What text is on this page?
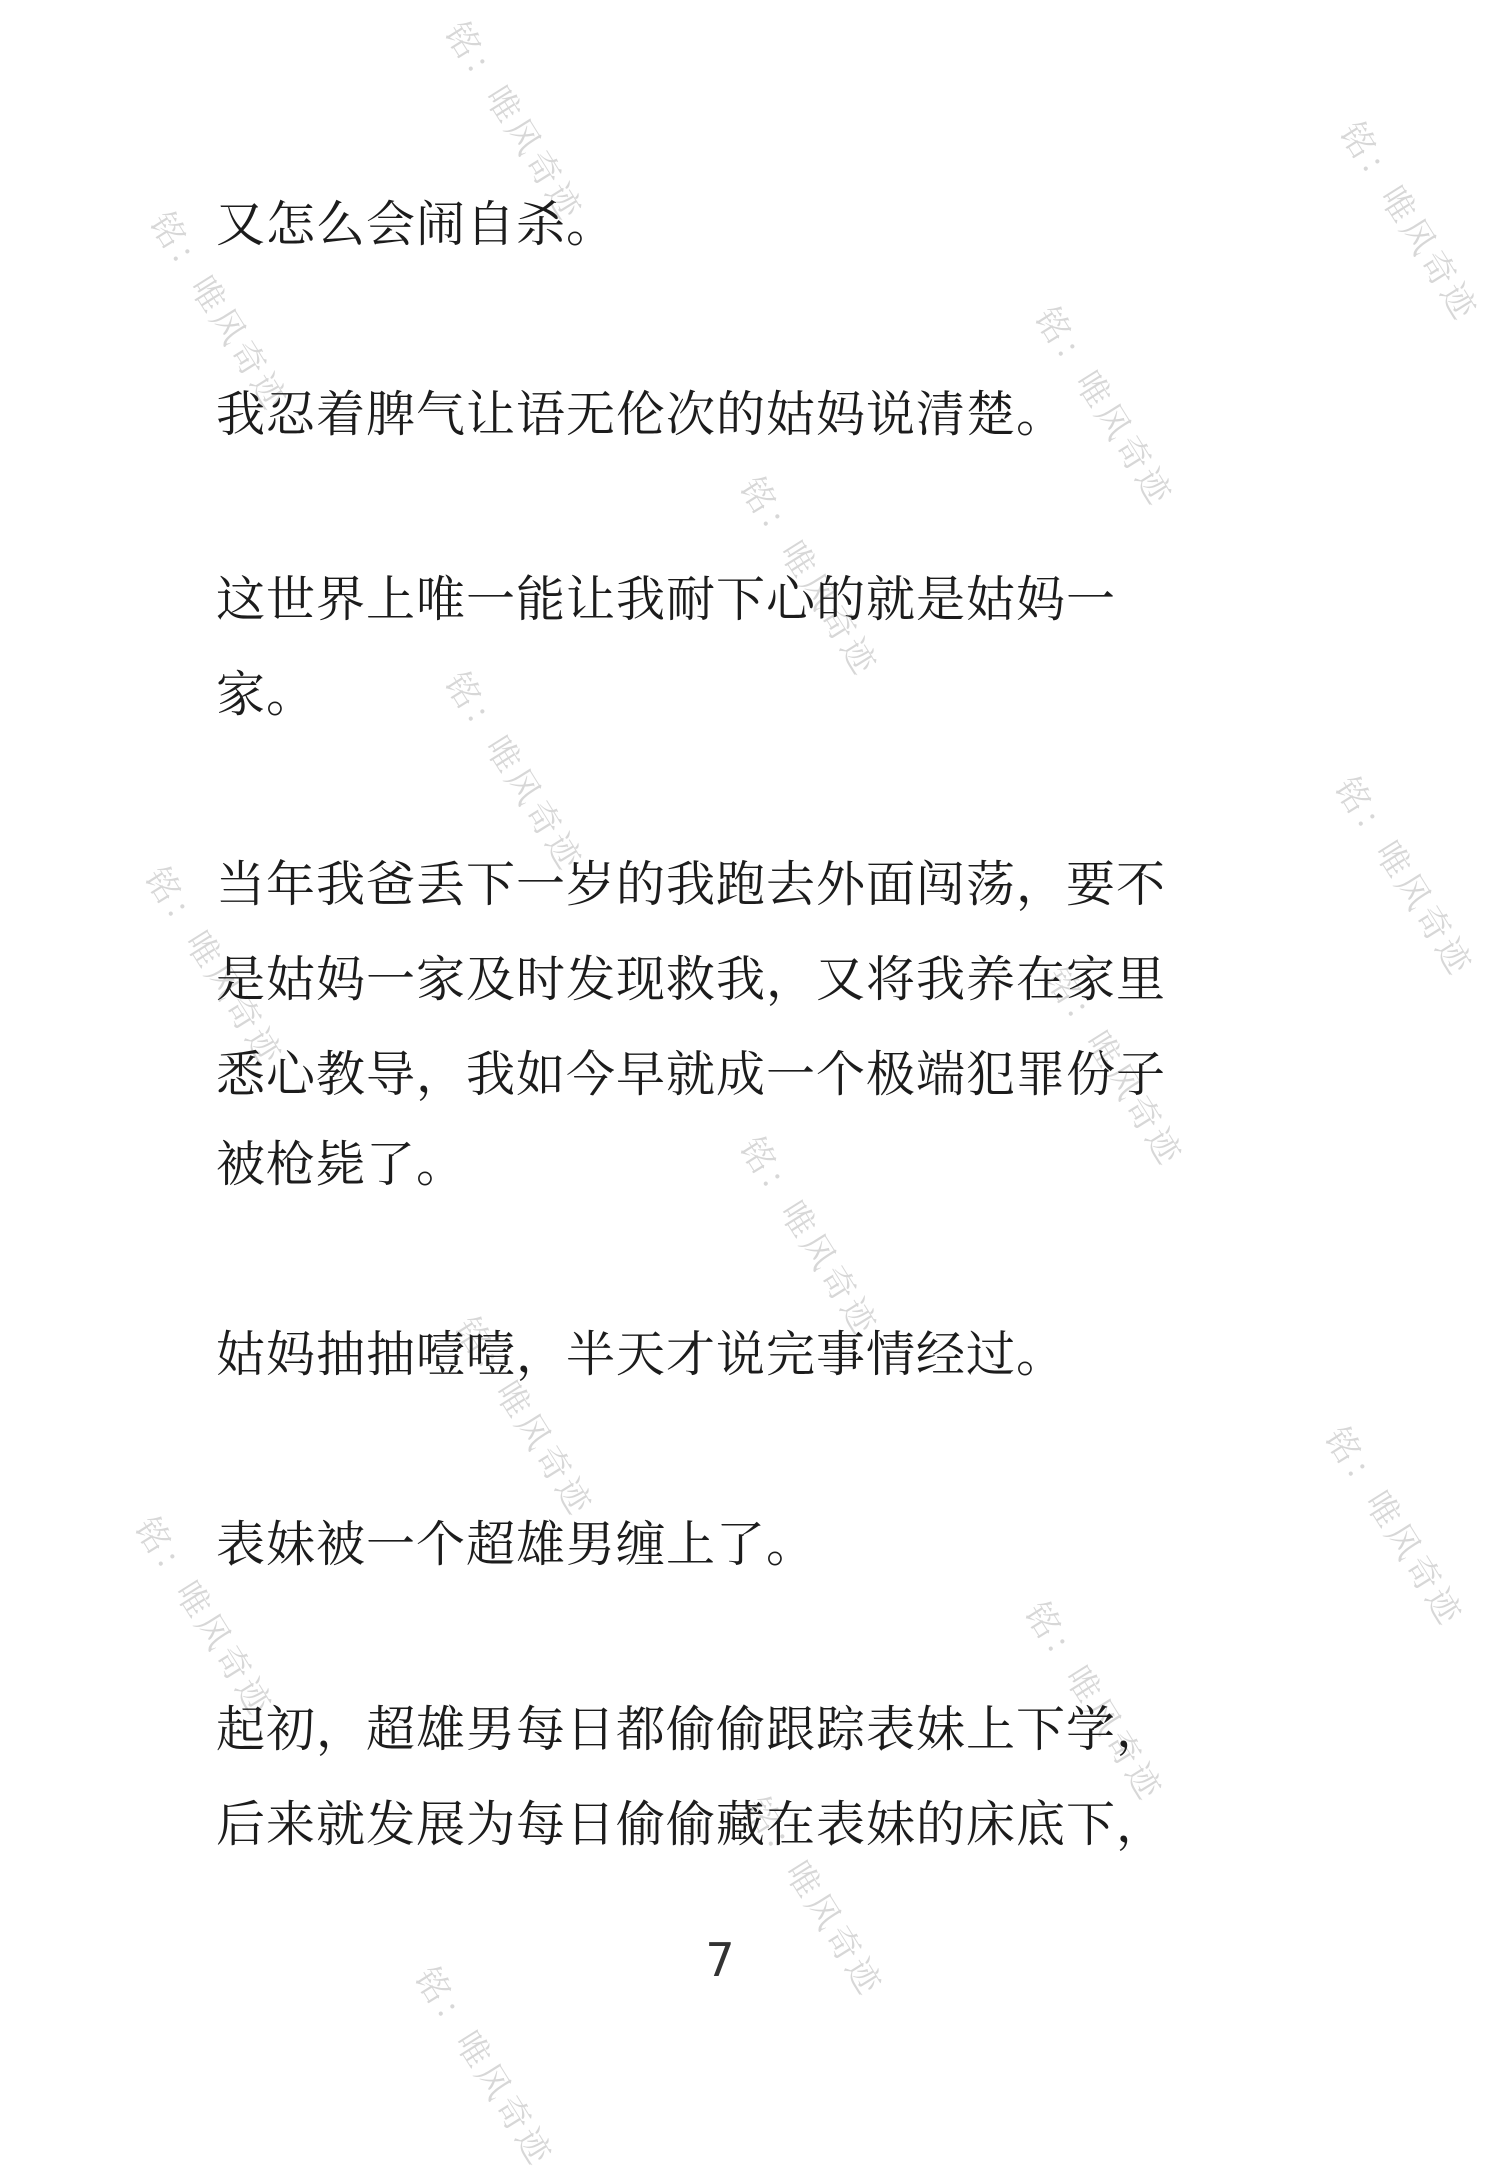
铭：唯风奇迹	铭：唯风奇迹
铭：唯风奇迹	铭：唯风奇迹
铭：唯风奇迹
铭：唯风奇迹	铭：唯风奇迹
铭：唯风奇迹	铭：唯风奇迹
铭：唯风奇迹
铭：唯风奇迹
铭：唯风奇迹
铭：唯风奇迹	铭：唯风奇迹
铭：唯风奇迹
铭：唯风奇迹
又怎么会闹自杀。
我忍着脾气让语无伦次的姑妈说清楚。
这世界上唯一能让我耐下心的就是姑妈一
家。
当年我爸丢下一岁的我跑去外面闯荡，要不
是姑妈一家及时发现救我，又将我养在家里
悉心教导，我如今早就成一个极端犯罪份子
被枪毙了。
姑妈抽抽噎噎，半天才说完事情经过。
表妹被一个超雄男缠上了。
起初，超雄男每日都偷偷跟踪表妹上下学，
后来就发展为每日偷偷藏在表妹的床底下，
7
